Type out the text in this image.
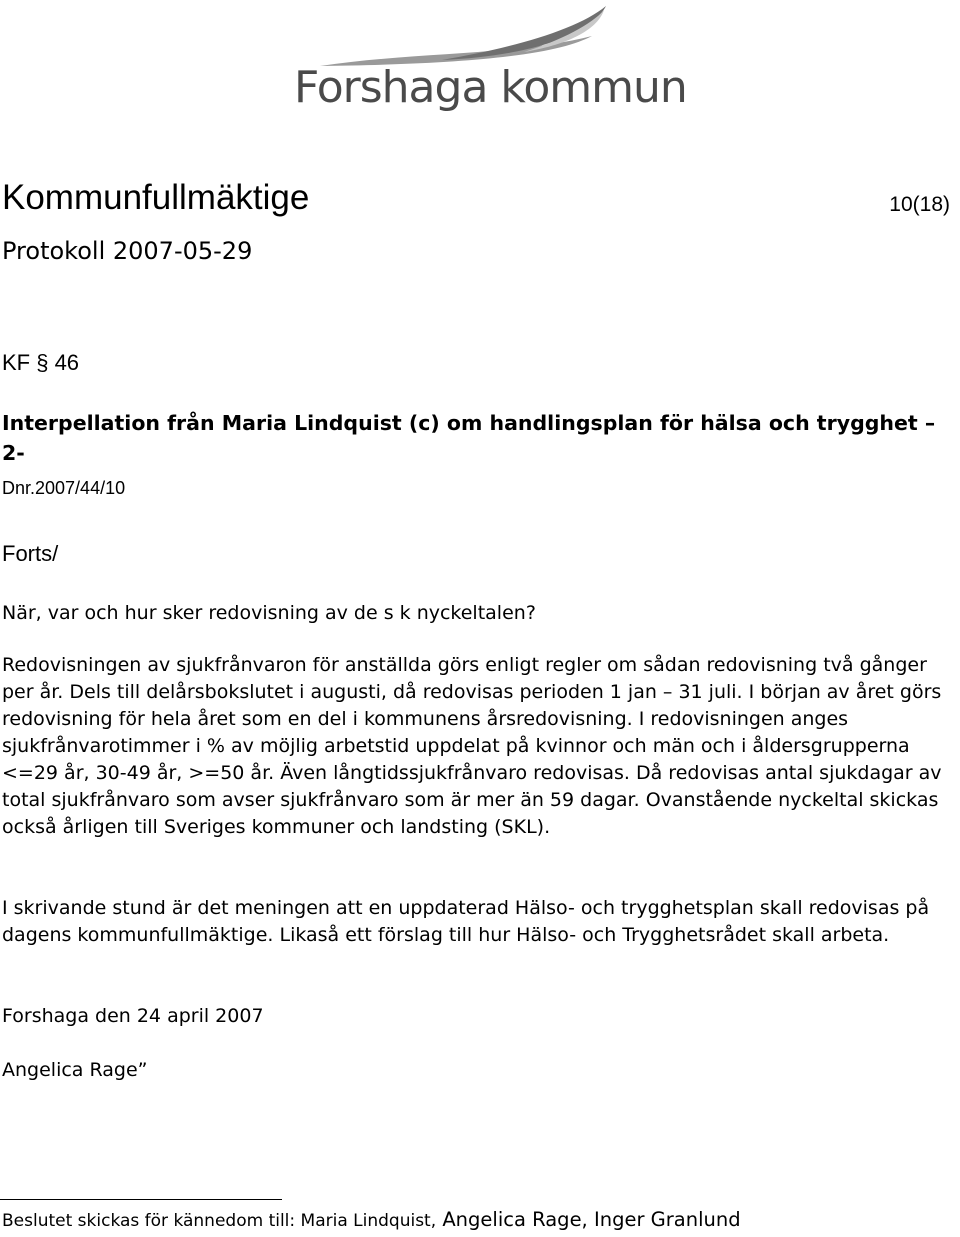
Forshaga kommun
Kommunfullmäktige	10(18)
Protokoll 2007-05-29
KF § 46
Interpellation från Maria Lindquist (c) om handlingsplan för hälsa och trygghet – 2-
Dnr.2007/44/10
Forts/
När, var och hur sker redovisning av de s k nyckeltalen?
Redovisningen av sjukfrånvaron för anställda görs enligt regler om sådan redovisning två gånger per år. Dels till delårsbokslutet i augusti, då redovisas perioden 1 jan – 31 juli. I början av året görs redovisning för hela året som en del i kommunens årsredovisning. I redovisningen anges sjukfrånvarotimmer i % av möjlig arbetstid uppdelat på kvinnor och män och i åldersgrupperna <=29 år, 30-49 år, >=50 år. Även långtidssjukfrånvaro redovisas. Då redovisas antal sjukdagar av total sjukfrånvaro som avser sjukfrånvaro som är mer än 59 dagar. Ovanstående nyckeltal skickas också årligen till Sveriges kommuner och landsting (SKL).
I skrivande stund är det meningen att en uppdaterad Hälso- och trygghetsplan skall redovisas på dagens kommunfullmäktige. Likaså ett förslag till hur Hälso- och Trygghetsrådet skall arbeta.
Forshaga den 24 april 2007
Angelica Rage”
Beslutet skickas för kännedom till: Maria Lindquist, Angelica Rage, Inger Granlund
